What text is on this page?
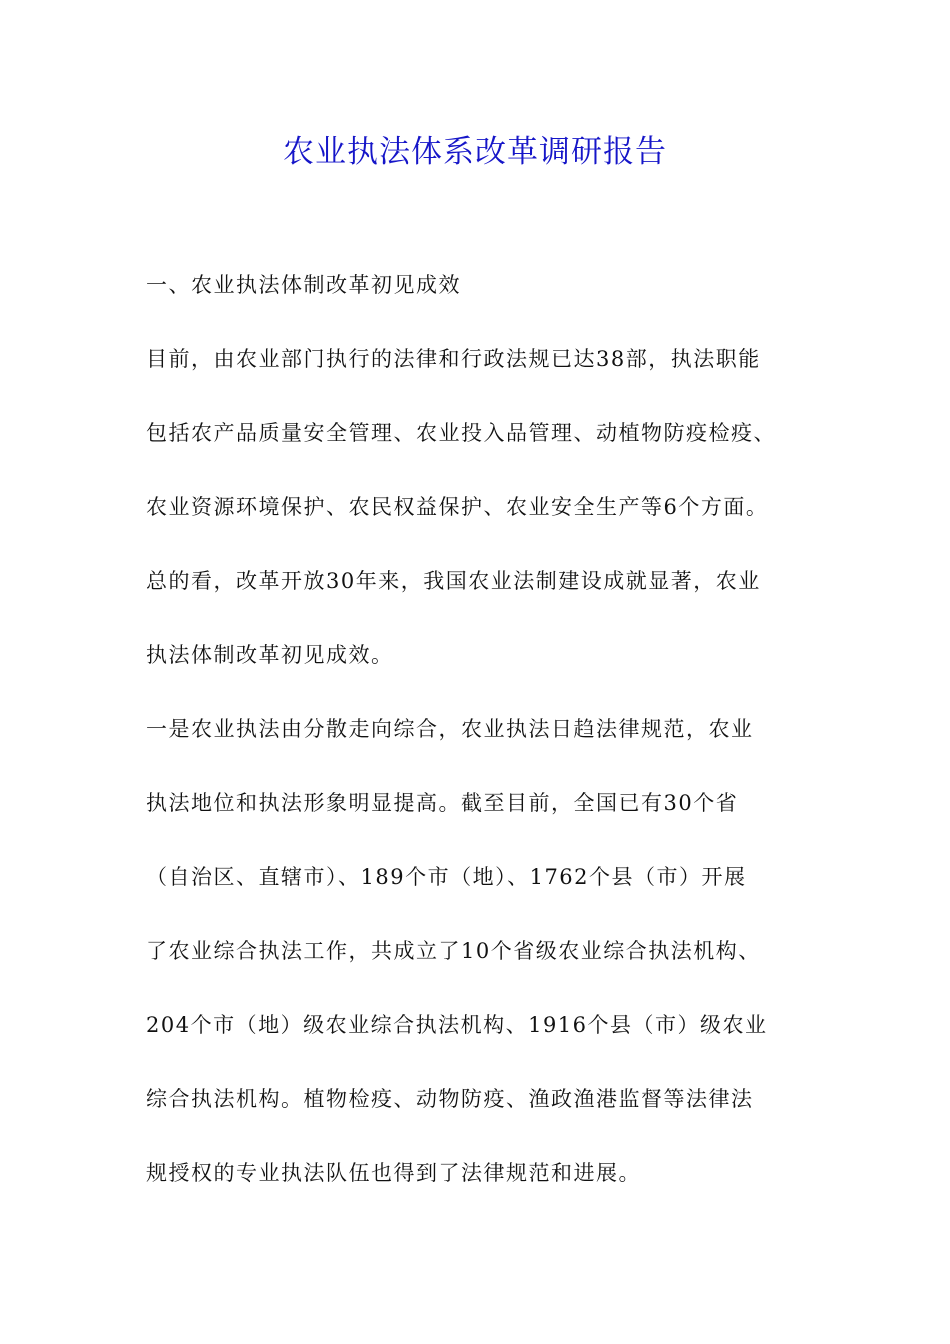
农业执法体系改革调研报告
一、农业执法体制改革初见成效
目前，由农业部门执行的法律和行政法规已达38部，执法职能
包括农产品质量安全管理、农业投入品管理、动植物防疫检疫、
农业资源环境保护、农民权益保护、农业安全生产等6个方面。
总的看，改革开放30年来，我国农业法制建设成就显著，农业
执法体制改革初见成效。
一是农业执法由分散走向综合，农业执法日趋法律规范，农业
执法地位和执法形象明显提高。截至目前，全国已有30个省
（自治区、直辖市）、189个市（地）、1762个县（市）开展
了农业综合执法工作，共成立了10个省级农业综合执法机构、
204个市（地）级农业综合执法机构、1916个县（市）级农业
综合执法机构。植物检疫、动物防疫、渔政渔港监督等法律法
规授权的专业执法队伍也得到了法律规范和进展。
